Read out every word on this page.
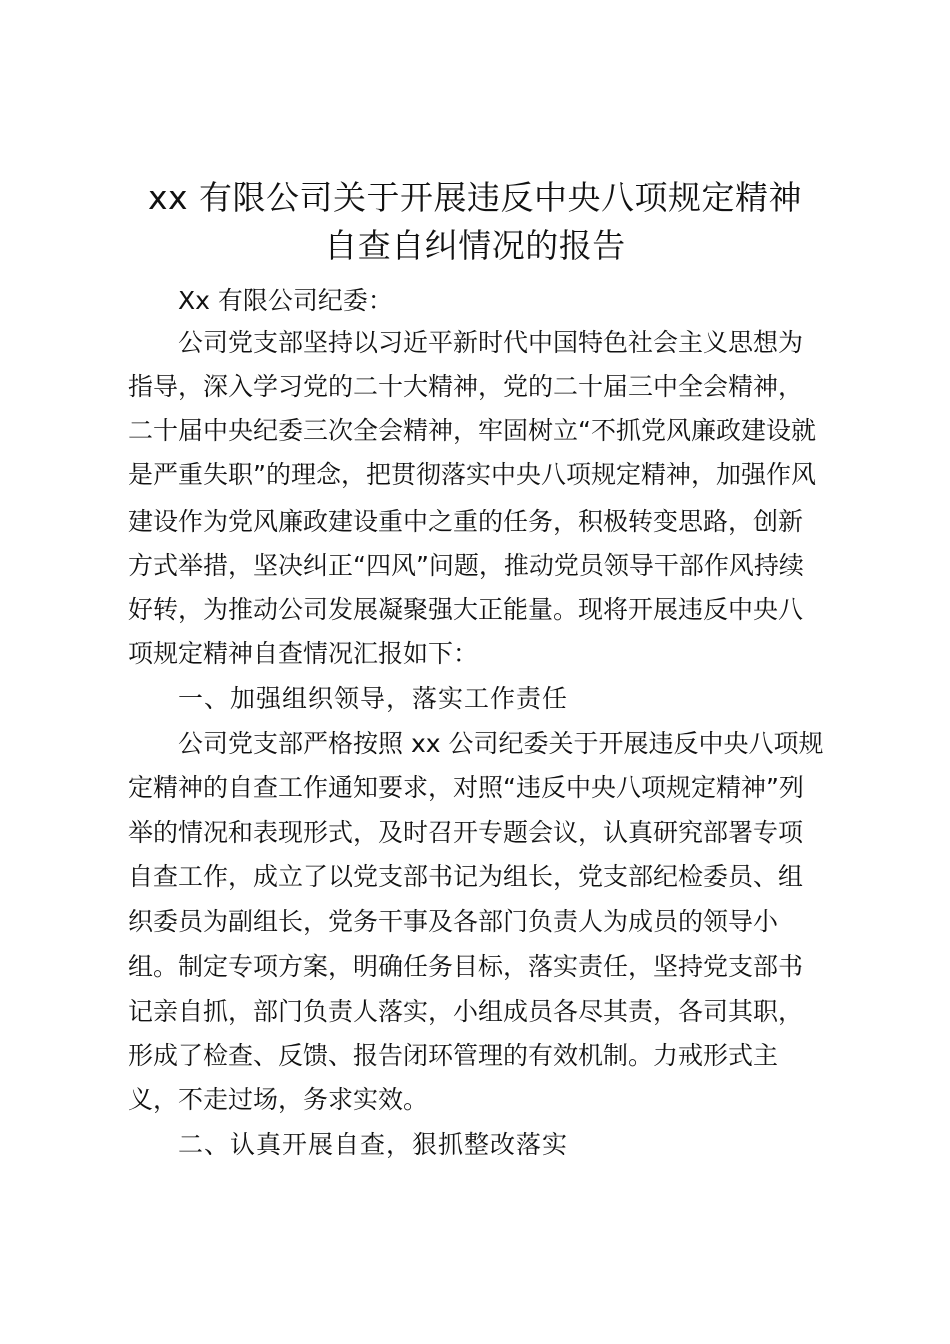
xx 有限公司关于开展违反中央八项规定精神
自查自纠情况的报告

Xx 有限公司纪委：

公司党支部坚持以习近平新时代中国特色社会主义思想为

指导，深入学习党的二十大精神，党的二十届三中全会精神，

二十届中央纪委三次全会精神，牢固树立“不抓党风廉政建设就

是严重失职”的理念，把贯彻落实中央八项规定精神，加强作风

建设作为党风廉政建设重中之重的任务，积极转变思路，创新

方式举措，坚决纠正“四风”问题，推动党员领导干部作风持续

好转，为推动公司发展凝聚强大正能量。现将开展违反中央八

项规定精神自查情况汇报如下：

一、加强组织领导，落实工作责任

公司党支部严格按照 xx 公司纪委关于开展违反中央八项规

定精神的自查工作通知要求，对照“违反中央八项规定精神”列

举的情况和表现形式，及时召开专题会议，认真研究部署专项

自查工作，成立了以党支部书记为组长，党支部纪检委员、组

织委员为副组长，党务干事及各部门负责人为成员的领导小

组。制定专项方案，明确任务目标，落实责任，坚持党支部书

记亲自抓，部门负责人落实，小组成员各尽其责，各司其职，

形成了检查、反馈、报告闭环管理的有效机制。力戒形式主

义，不走过场，务求实效。

二、认真开展自查，狠抓整改落实
